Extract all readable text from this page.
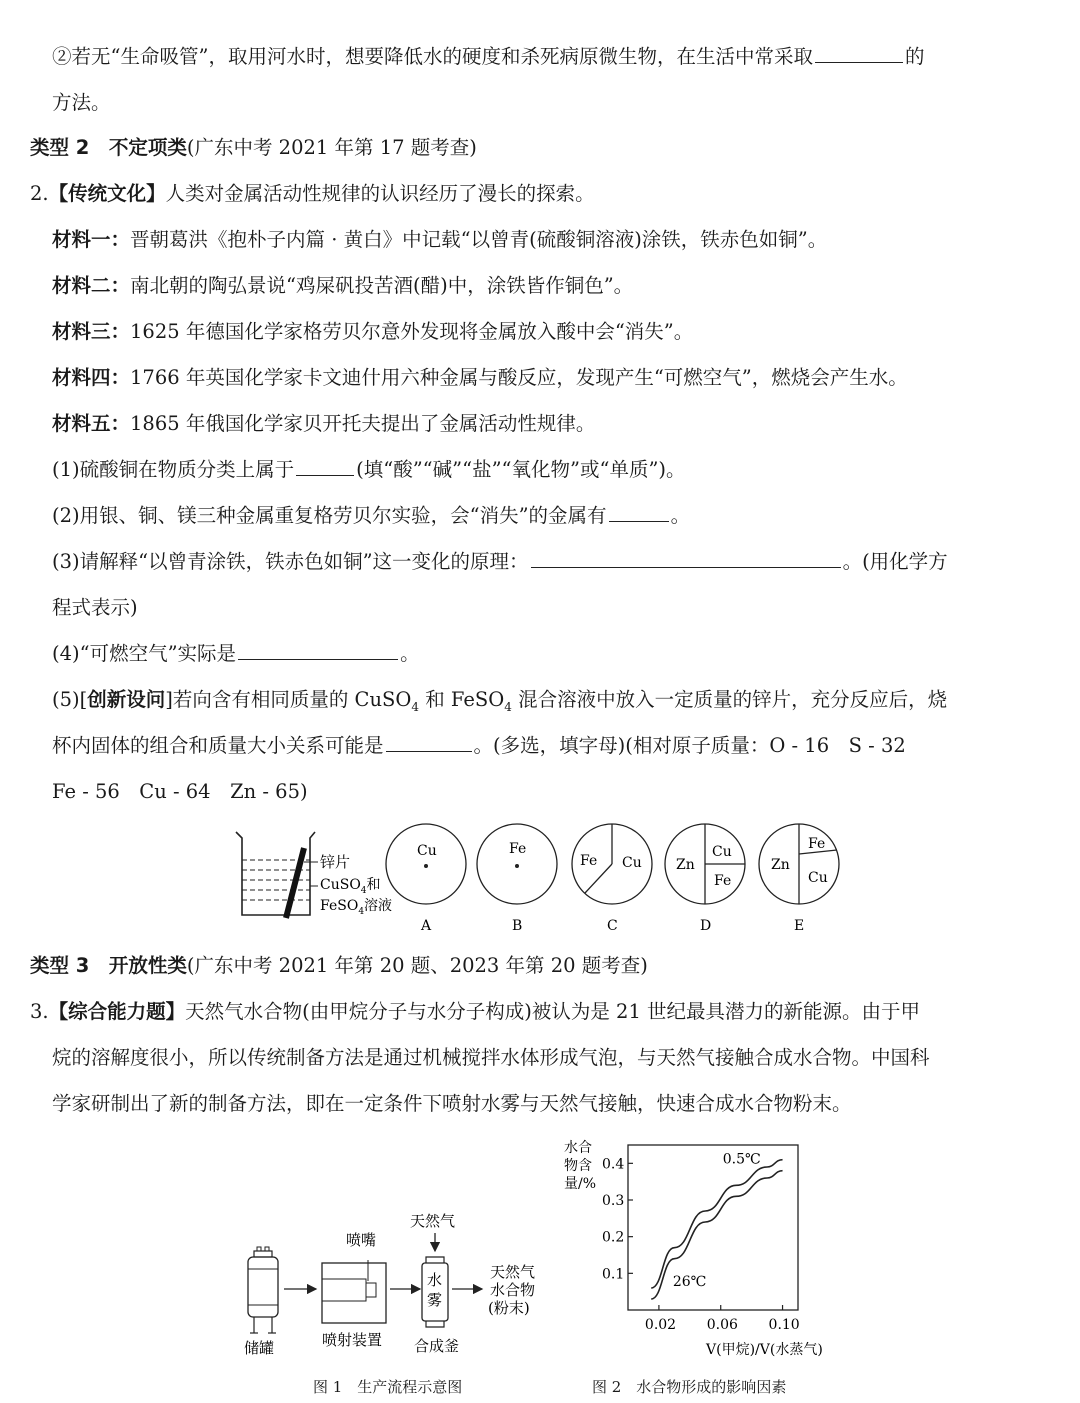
②若无“生命吸管”，取用河水时，想要降低水的硬度和杀死病原微生物，在生活中常采取	的
方法。
类型 2　不定项类(广东中考 2021 年第 17 题考查)
2.【传统文化】人类对金属活动性规律的认识经历了漫长的探索。
材料一：晋朝葛洪《抱朴子内篇 · 黄白》中记载“以曾青(硫酸铜溶液)涂铁，铁赤色如铜”。
材料二：南北朝的陶弘景说“鸡屎矾投苦酒(醋)中，涂铁皆作铜色”。
材料三：1625 年德国化学家格劳贝尔意外发现将金属放入酸中会“消失”。
材料四：1766 年英国化学家卡文迪什用六种金属与酸反应，发现产生“可燃空气”，燃烧会产生水。
材料五：1865 年俄国化学家贝开托夫提出了金属活动性规律。
(1)硫酸铜在物质分类上属于	(填“酸”“碱”“盐”“氧化物”或“单质”)。
(2)用银、铜、镁三种金属重复格劳贝尔实验，会“消失”的金属有	。
(3)请解释“以曾青涂铁，铁赤色如铜”这一变化的原理：	。(用化学方
程式表示)
(4)“可燃空气”实际是	。
(5)[创新设问]若向含有相同质量的 CuSO$_4$ 和 FeSO$_4$ 混合溶液中放入一定质量的锌片，充分反应后，烧
杯内固体的组合和质量大小关系可能是	。(多选，填字母)(相对原子质量：O - 16　S - 32
Fe - 56　Cu - 64　Zn - 65)
锌片
CuSO$_4$和
FeSO$_4$溶液
Cu
A
Fe
B
Fe Cu
C
Zn
Cu
Fe
D
Zn
Fe
Cu
E
类型 3　开放性类(广东中考 2021 年第 20 题、2023 年第 20 题考查)
3.【综合能力题】天然气水合物(由甲烷分子与水分子构成)被认为是 21 世纪最具潜力的新能源。由于甲
烷的溶解度很小，所以传统制备方法是通过机械搅拌水体形成气泡，与天然气接触合成水合物。中国科
学家研制出了新的制备方法，即在一定条件下喷射水雾与天然气接触，快速合成水合物粉末。
储罐
喷嘴
喷射装置
天然气
水
雾
合成釜
天然气
水合物
(粉末)
图 1　生产流程示意图
水合
物含
量/%
0.1
0.2
0.3
0.4
0.02 0.06 0.10
0.5℃
26℃
V(甲烷)/V(水蒸气)
图 2　水合物形成的影响因素
